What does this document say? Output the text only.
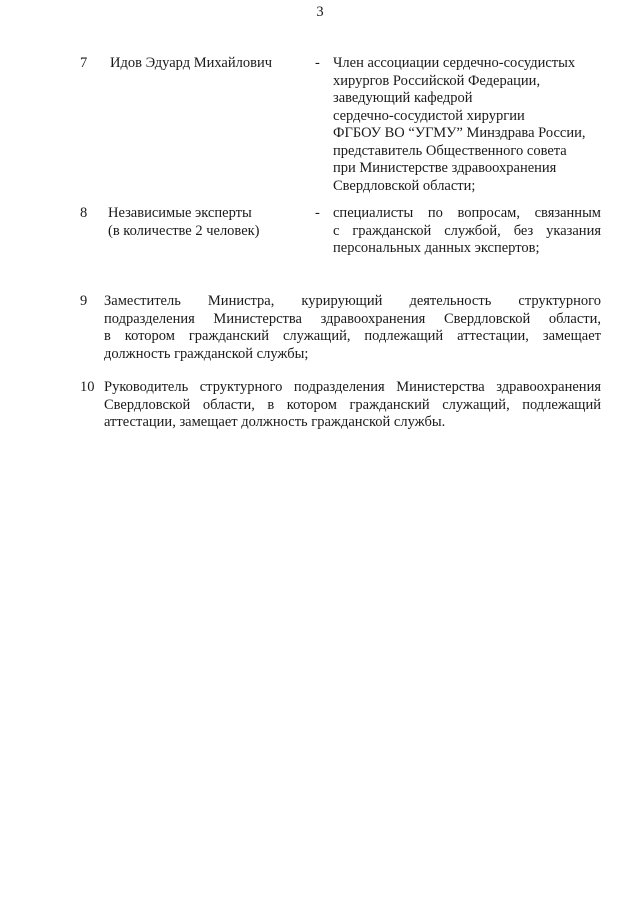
3
7 Идов Эдуард Михайлович	- Член ассоциации сердечно-сосудистых
хирургов Российской Федерации,
заведующий кафедрой
сердечно-сосудистой хирургии
ФГБОУ ВО “УГМУ” Минздрава России,
представитель Общественного совета
при Министерстве здравоохранения
Свердловской области;
8 Независимые эксперты
(в количестве 2 человек)
- специалисты по вопросам, связанным
с гражданской службой, без указания
персональных данных экспертов;
9 Заместитель Министра, курирующий деятельность структурного
подразделения Министерства здравоохранения Свердловской области,
в котором гражданский служащий, подлежащий аттестации, замещает
должность гражданской службы;
10 Руководитель структурного подразделения Министерства здравоохранения
Свердловской области, в котором гражданский служащий, подлежащий
аттестации, замещает должность гражданской службы.
